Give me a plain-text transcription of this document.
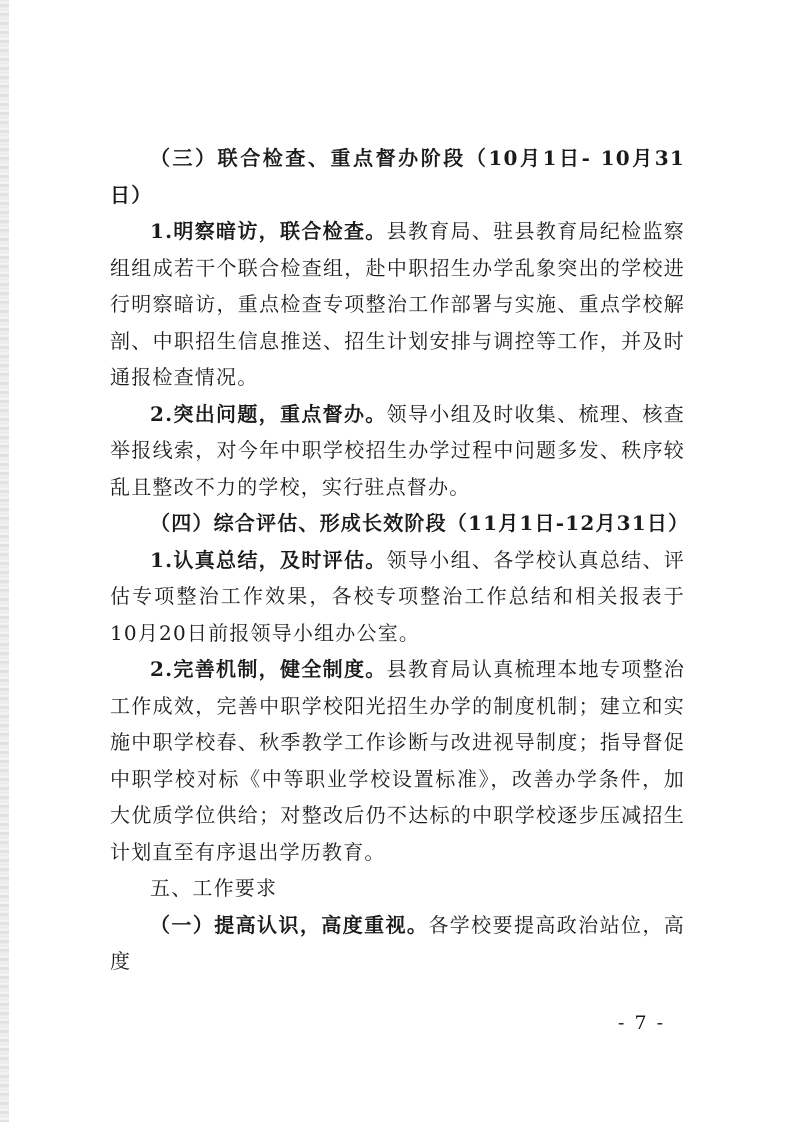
（三）联合检查、重点督办阶段（10月1日- 10月31日）

1.明察暗访，联合检查。县教育局、驻县教育局纪检监察组组成若干个联合检查组，赴中职招生办学乱象突出的学校进行明察暗访，重点检查专项整治工作部署与实施、重点学校解剖、中职招生信息推送、招生计划安排与调控等工作，并及时通报检查情况。

2.突出问题，重点督办。领导小组及时收集、梳理、核查举报线索，对今年中职学校招生办学过程中问题多发、秩序较乱且整改不力的学校，实行驻点督办。

（四）综合评估、形成长效阶段（11月1日-12月31日）

1.认真总结，及时评估。领导小组、各学校认真总结、评估专项整治工作效果，各校专项整治工作总结和相关报表于10月20日前报领导小组办公室。

2.完善机制，健全制度。县教育局认真梳理本地专项整治工作成效，完善中职学校阳光招生办学的制度机制；建立和实施中职学校春、秋季教学工作诊断与改进视导制度；指导督促中职学校对标《中等职业学校设置标准》，改善办学条件，加大优质学位供给；对整改后仍不达标的中职学校逐步压减招生计划直至有序退出学历教育。

五、工作要求

（一）提高认识，高度重视。各学校要提高政治站位，高度

- 7 -
